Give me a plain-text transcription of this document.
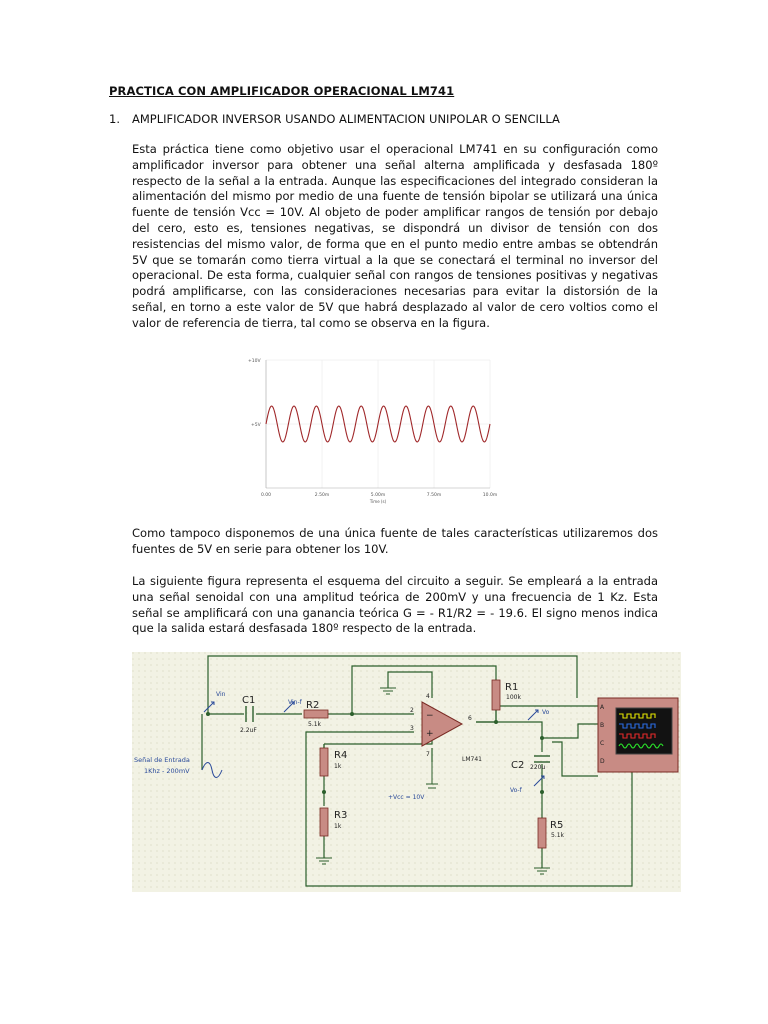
PRACTICA CON AMPLIFICADOR OPERACIONAL LM741
1. AMPLIFICADOR INVERSOR USANDO ALIMENTACION UNIPOLAR O SENCILLA

Esta práctica tiene como objetivo usar el operacional LM741 en su configuración como amplificador inversor para obtener una señal alterna amplificada y desfasada 180º respecto de la señal a la entrada. Aunque las especificaciones del integrado consideran la alimentación del mismo por medio de una fuente de tensión bipolar se utilizará una única fuente de tensión Vcc = 10V. Al objeto de poder amplificar rangos de tensión por debajo del cero, esto es, tensiones negativas, se dispondrá un divisor de tensión con dos resistencias del mismo valor, de forma que en el punto medio entre ambas se obtendrán 5V que se tomarán como tierra virtual a la que se conectará el terminal no inversor del operacional. De esta forma, cualquier señal con rangos de tensiones positivas y negativas podrá amplificarse, con las consideraciones necesarias para evitar la distorsión de la señal, en torno a este valor de 5V que habrá desplazado al valor de cero voltios como el valor de referencia de tierra, tal como se observa en la figura.

+10V
+5V
0.00	2.50m	5.00m	7.50m	10.0m
Time (s)

Como tampoco disponemos de una única fuente de tales características utilizaremos dos fuentes de 5V en serie para obtener los 10V.

La siguiente figura representa el esquema del circuito a seguir. Se empleará a la entrada una señal senoidal con una amplitud teórica de 200mV y una frecuencia de 1 Kz. Esta señal se amplificará con una ganancia teórica G = - R1/R2 = - 19.6. El signo menos indica que la salida estará desfasada 180º respecto de la entrada.

C1
2.2uF
R2
5.1k
R1
100k
R4
1k
R3
1k	R5
5.1k
C2 220u
−
+
LM741
2
3
4
6
7
+Vcc = 10V
Vin
Vin-f
Vo
Vo-f
Señal de Entrada
1Khz - 200mV
A
B
C
D
